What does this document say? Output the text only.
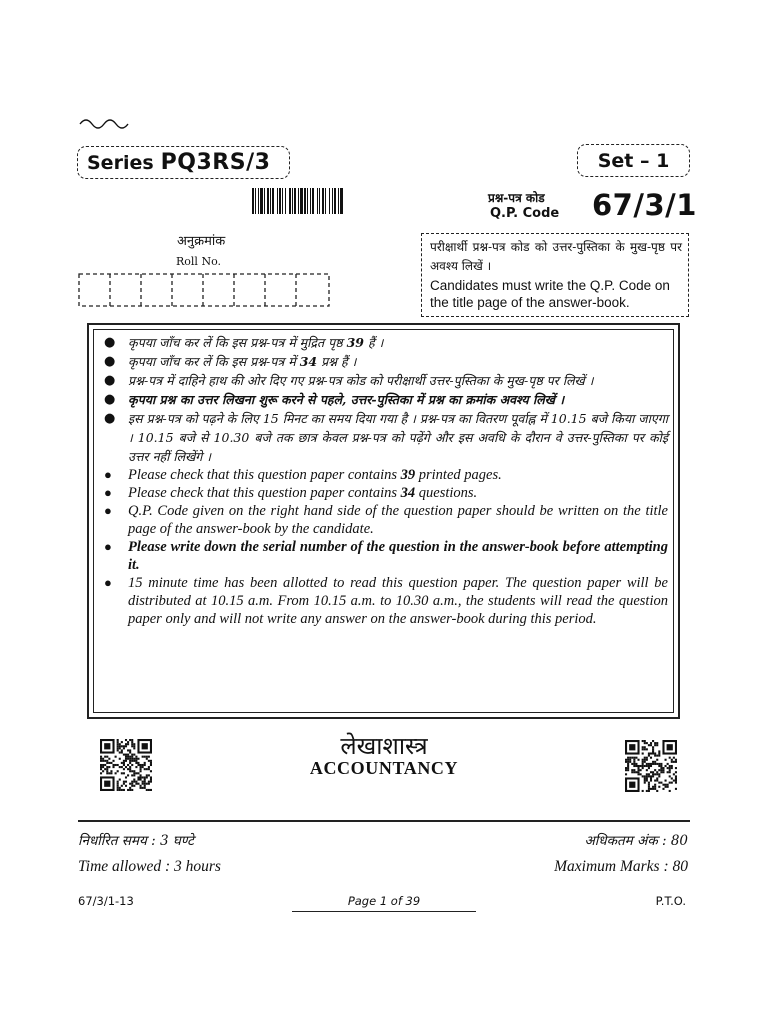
Series PQ3RS/3	Set – 1
प्रश्न-पत्र कोड
Q.P. Code 67/3/1
अनुक्रमांक
Roll No.
परीक्षार्थी प्रश्न-पत्र कोड को उत्तर-पुस्तिका के मुख-पृष्ठ पर अवश्य लिखें ।
Candidates must write the Q.P. Code on the title page of the answer-book.
● कृपया जाँच कर लें कि इस प्रश्न-पत्र में मुद्रित पृष्ठ 39 हैं ।
● कृपया जाँच कर लें कि इस प्रश्न-पत्र में 34 प्रश्न हैं ।
● प्रश्न-पत्र में दाहिने हाथ की ओर दिए गए प्रश्न-पत्र कोड को परीक्षार्थी उत्तर-पुस्तिका के मुख-पृष्ठ पर लिखें ।
● कृपया प्रश्न का उत्तर लिखना शुरू करने से पहले, उत्तर-पुस्तिका में प्रश्न का क्रमांक अवश्य लिखें ।
● इस प्रश्न-पत्र को पढ़ने के लिए 15 मिनट का समय दिया गया है । प्रश्न-पत्र का वितरण पूर्वाह्न में 10.15 बजे किया जाएगा । 10.15 बजे से 10.30 बजे तक छात्र केवल प्रश्न-पत्र को पढ़ेंगे और इस अवधि के दौरान वे उत्तर-पुस्तिका पर कोई उत्तर नहीं लिखेंगे ।
● Please check that this question paper contains 39 printed pages.
● Please check that this question paper contains 34 questions.
● Q.P. Code given on the right hand side of the question paper should be written on the title page of the answer-book by the candidate.
● Please write down the serial number of the question in the answer-book before attempting it.
● 15 minute time has been allotted to read this question paper. The question paper will be distributed at 10.15 a.m. From 10.15 a.m. to 10.30 a.m., the students will read the question paper only and will not write any answer on the answer-book during this period.
लेखाशास्त्र
ACCOUNTANCY
निर्धारित समय : 3 घण्टे
Time allowed : 3 hours
अधिकतम अंक : 80
Maximum Marks : 80
67/3/1-13	Page 1 of 39	P.T.O.
